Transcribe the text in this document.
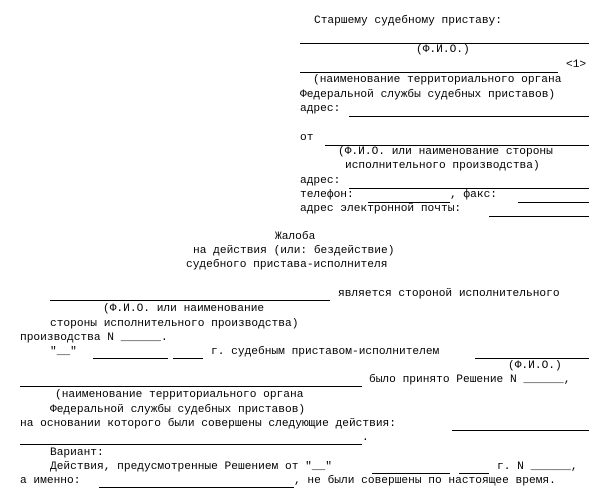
Старшему судебному приставу:
(Ф.И.О.)
<1>
(наименование территориального органа
Федеральной службы судебных приставов)
адрес:
от
(Ф.И.О. или наименование стороны
исполнительного производства)
адрес:
телефон:	, факс:
адрес электронной почты:
Жалоба
на действия (или: бездействие)
судебного пристава-исполнителя
является стороной исполнительного
(Ф.И.О. или наименование
стороны исполнительного производства)
производства N ______.
"__"	г. судебным приставом-исполнителем
(Ф.И.О.)
было принято Решение N ______,
(наименование территориального органа
Федеральной службы судебных приставов)
на основании которого были совершены следующие действия:
.
Вариант:
Действия, предусмотренные Решением от "__"	г. N ______,
а именно:	, не были совершены по настоящее время.
